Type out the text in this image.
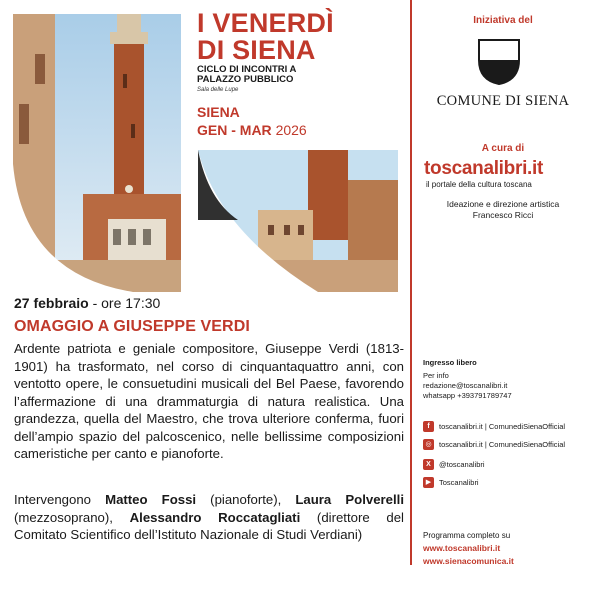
I VENERDÌ
DI SIENA
CICLO DI INCONTRI A
PALAZZO PUBBLICO
Sala delle Lupe
SIENA
GEN - MAR 2026
27 febbraio - ore 17:30
OMAGGIO A GIUSEPPE VERDI
Ardente patriota e geniale compositore, Giuseppe Verdi (1813-1901) ha trasformato, nel corso di cinquantaquattro anni, con ventotto opere, le consuetudini musicali del Bel Paese, favorendo l’affermazione di una drammaturgia di natura realistica. Una grandezza, quella del Maestro, che trova ulteriore conferma, fuori dell’ampio spazio del palcoscenico, nelle bellissime composizioni cameristiche per canto e pianoforte.
Intervengono Matteo Fossi (pianoforte), Laura Polverelli (mezzosoprano), Alessandro Roccatagliati (direttore del Comitato Scientifico dell’Istituto Nazionale di Studi Verdiani)
Iniziativa del
COMUNE DI SIENA
A cura di
toscanalibri.it
il portale della cultura toscana
Ideazione e direzione artistica
Francesco Ricci
Ingresso libero
Per info
redazione@toscanalibri.it
whatsapp +393791789747
f	toscanalibri.it | ComunediSienaOfficial
◎ toscanalibri.it | ComunediSienaOfficial
X	@toscanalibri
▶	Toscanalibri
Programma completo su
www.toscanalibri.it
www.sienacomunica.it
